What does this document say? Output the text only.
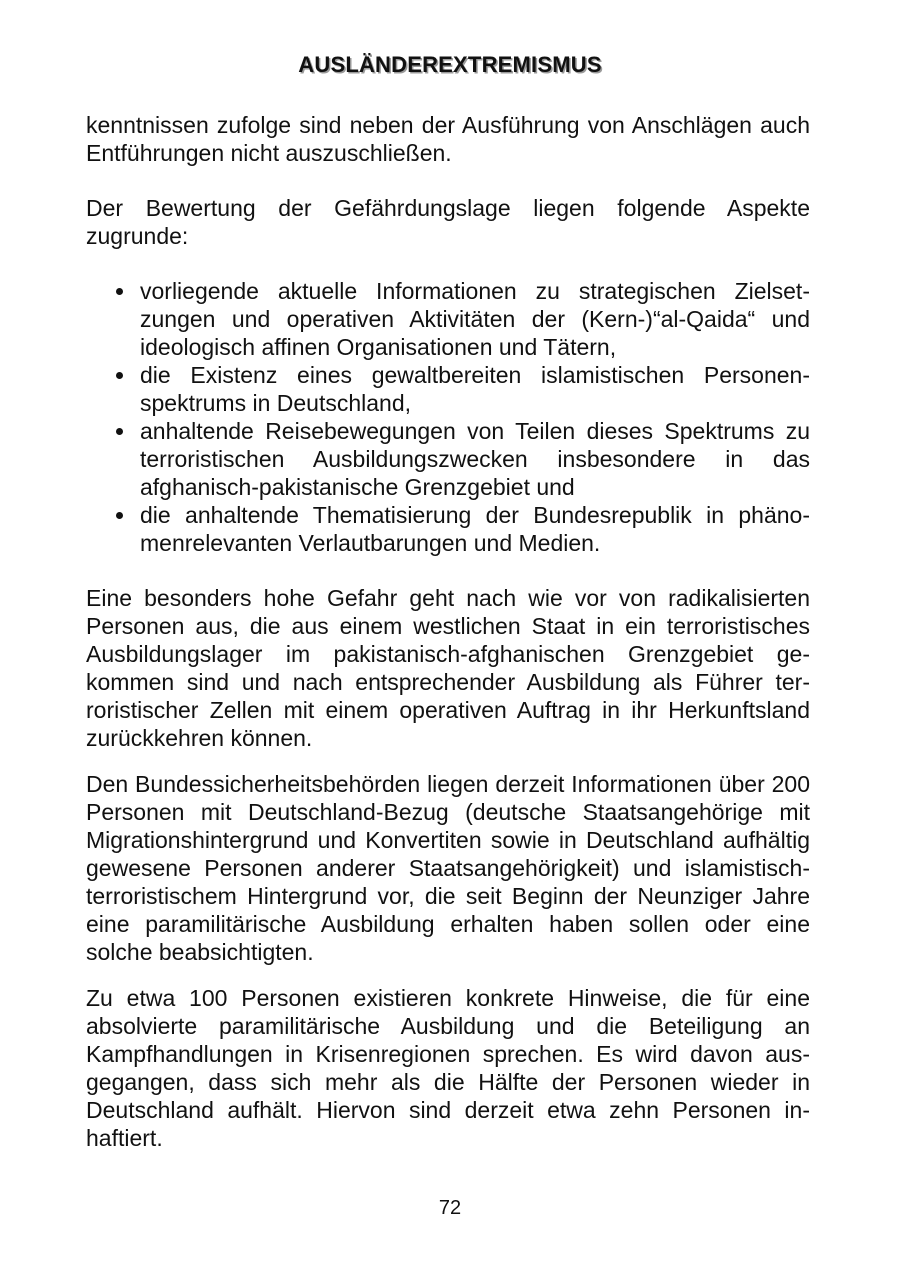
AUSLÄNDEREXTREMISMUS

kenntnissen zufolge sind neben der Ausführung von Anschlägen auch Entführungen nicht auszuschließen.

Der Bewertung der Gefährdungslage liegen folgende Aspekte zugrunde:

vorliegende aktuelle Informationen zu strategischen Zielsetzungen und operativen Aktivitäten der (Kern-)“al-Qaida“ und ideologisch affinen Organisationen und Tätern,
die Existenz eines gewaltbereiten islamistischen Personenspektrums in Deutschland,
anhaltende Reisebewegungen von Teilen dieses Spektrums zu terroristischen Ausbildungszwecken insbesondere in das afghanisch-pakistanische Grenzgebiet und
die anhaltende Thematisierung der Bundesrepublik in phänomenrelevanten Verlautbarungen und Medien.

Eine besonders hohe Gefahr geht nach wie vor von radikalisierten Personen aus, die aus einem westlichen Staat in ein terroristisches Ausbildungslager im pakistanisch-afghanischen Grenzgebiet gekommen sind und nach entsprechender Ausbildung als Führer terroristischer Zellen mit einem operativen Auftrag in ihr Herkunftsland zurückkehren können.

Den Bundessicherheitsbehörden liegen derzeit Informationen über 200 Personen mit Deutschland-Bezug (deutsche Staatsangehörige mit Migrationshintergrund und Konvertiten sowie in Deutschland aufhältig gewesene Personen anderer Staatsangehörigkeit) und islamistisch-terroristischem Hintergrund vor, die seit Beginn der Neunziger Jahre eine paramilitärische Ausbildung erhalten haben sollen oder eine solche beabsichtigten.

Zu etwa 100 Personen existieren konkrete Hinweise, die für eine absolvierte paramilitärische Ausbildung und die Beteiligung an Kampfhandlungen in Krisenregionen sprechen. Es wird davon ausgegangen, dass sich mehr als die Hälfte der Personen wieder in Deutschland aufhält. Hiervon sind derzeit etwa zehn Personen inhaftiert.

72
